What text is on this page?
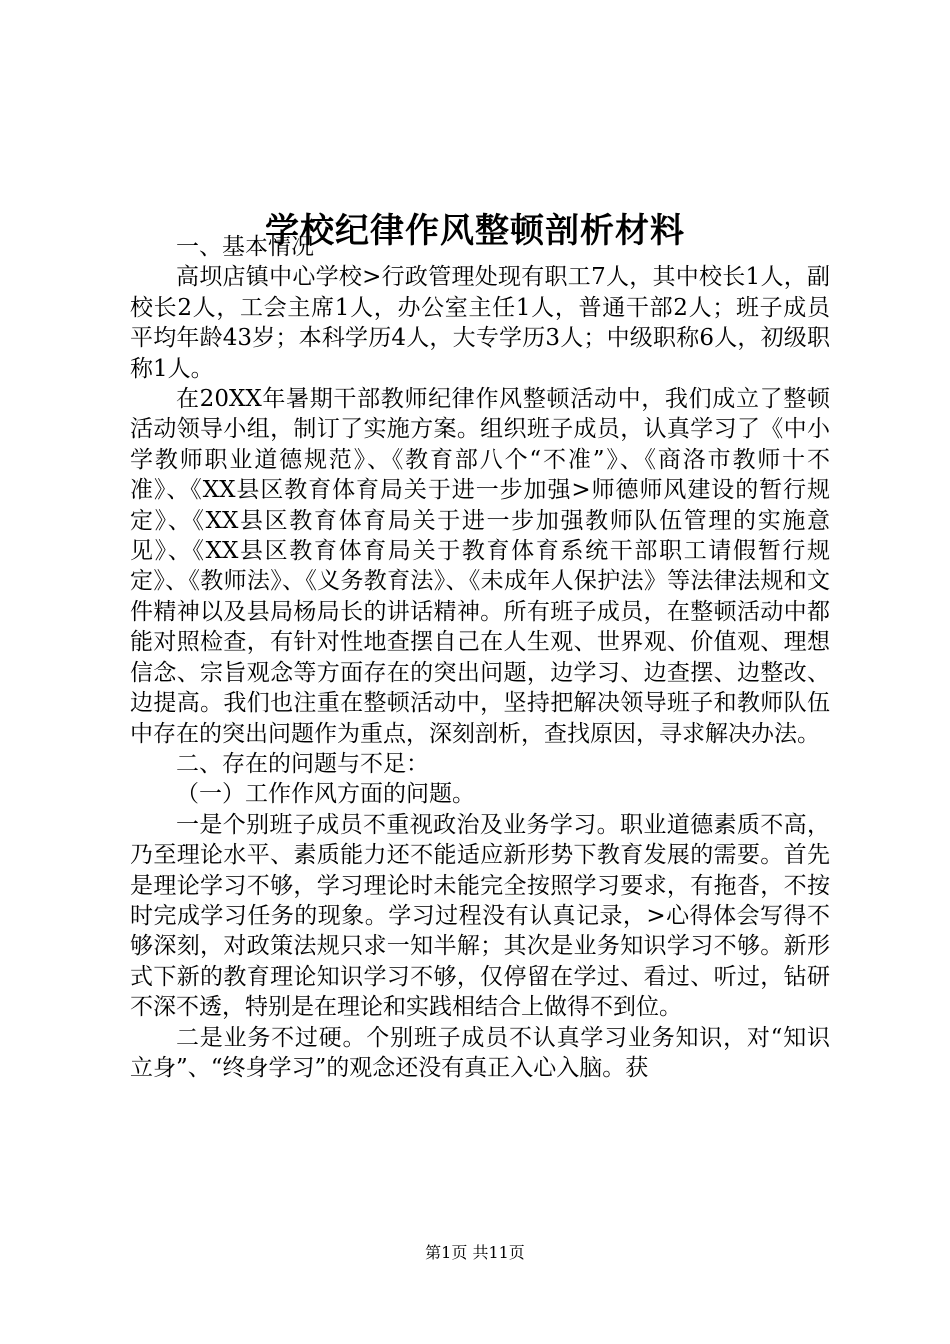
学校纪律作风整顿剖析材料

一、基本情况

高坝店镇中心学校>行政管理处现有职工7人，其中校长1人，副校长2人，工会主席1人，办公室主任1人，普通干部2人；班子成员平均年龄43岁；本科学历4人，大专学历3人；中级职称6人，初级职称1人。

在20XX年暑期干部教师纪律作风整顿活动中，我们成立了整顿活动领导小组，制订了实施方案。组织班子成员，认真学习了《中小学教师职业道德规范》、《教育部八个“不准”》、《商洛市教师十不准》、《XX县区教育体育局关于进一步加强>师德师风建设的暂行规定》、《XX县区教育体育局关于进一步加强教师队伍管理的实施意见》、《XX县区教育体育局关于教育体育系统干部职工请假暂行规定》、《教师法》、《义务教育法》、《未成年人保护法》等法律法规和文件精神以及县局杨局长的讲话精神。所有班子成员，在整顿活动中都能对照检查，有针对性地查摆自己在人生观、世界观、价值观、理想信念、宗旨观念等方面存在的突出问题，边学习、边查摆、边整改、边提高。我们也注重在整顿活动中，坚持把解决领导班子和教师队伍中存在的突出问题作为重点，深刻剖析，查找原因，寻求解决办法。

二、存在的问题与不足：

（一）工作作风方面的问题。

一是个别班子成员不重视政治及业务学习。职业道德素质不高，乃至理论水平、素质能力还不能适应新形势下教育发展的需要。首先是理论学习不够，学习理论时未能完全按照学习要求，有拖沓，不按时完成学习任务的现象。学习过程没有认真记录，>心得体会写得不够深刻，对政策法规只求一知半解；其次是业务知识学习不够。新形式下新的教育理论知识学习不够，仅停留在学过、看过、听过，钻研不深不透，特别是在理论和实践相结合上做得不到位。

二是业务不过硬。个别班子成员不认真学习业务知识，对“知识立身”、“终身学习”的观念还没有真正入心入脑。获

第1页 共11页
